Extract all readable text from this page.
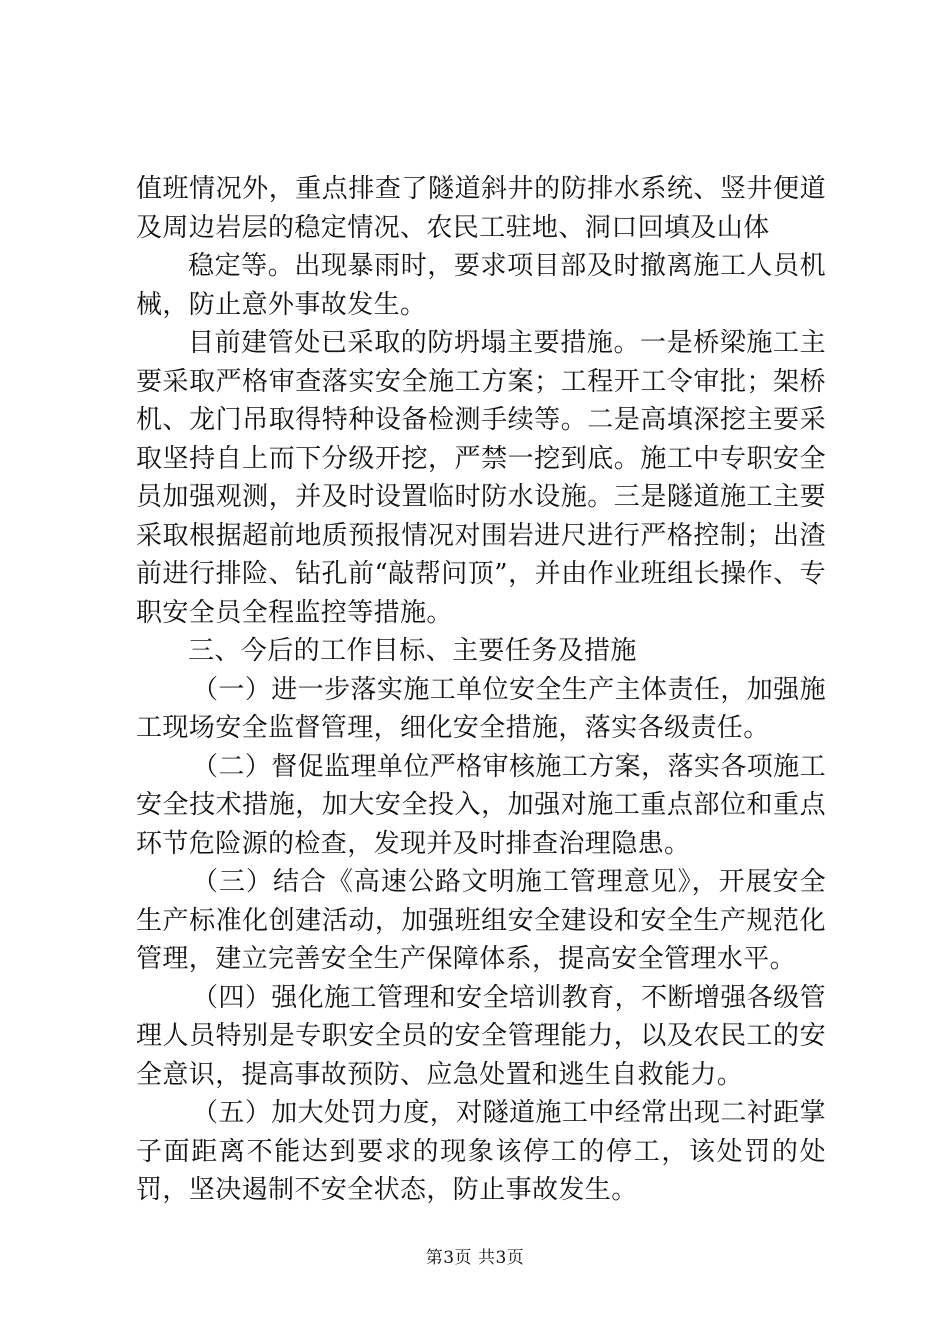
值班情况外，重点排查了隧道斜井的防排水系统、竖井便道及周边岩层的稳定情况、农民工驻地、洞口回填及山体

稳定等。出现暴雨时，要求项目部及时撤离施工人员机械，防止意外事故发生。

目前建管处已采取的防坍塌主要措施。一是桥梁施工主要采取严格审查落实安全施工方案；工程开工令审批；架桥机、龙门吊取得特种设备检测手续等。二是高填深挖主要采取坚持自上而下分级开挖，严禁一挖到底。施工中专职安全员加强观测，并及时设置临时防水设施。三是隧道施工主要采取根据超前地质预报情况对围岩进尺进行严格控制；出渣前进行排险、钻孔前“敲帮问顶”，并由作业班组长操作、专职安全员全程监控等措施。

三、今后的工作目标、主要任务及措施

（一）进一步落实施工单位安全生产主体责任，加强施工现场安全监督管理，细化安全措施，落实各级责任。

（二）督促监理单位严格审核施工方案，落实各项施工安全技术措施，加大安全投入，加强对施工重点部位和重点环节危险源的检查，发现并及时排查治理隐患。

（三）结合《高速公路文明施工管理意见》，开展安全生产标准化创建活动，加强班组安全建设和安全生产规范化管理，建立完善安全生产保障体系，提高安全管理水平。

（四）强化施工管理和安全培训教育，不断增强各级管理人员特别是专职安全员的安全管理能力，以及农民工的安全意识，提高事故预防、应急处置和逃生自救能力。

（五）加大处罚力度，对隧道施工中经常出现二衬距掌子面距离不能达到要求的现象该停工的停工，该处罚的处罚，坚决遏制不安全状态，防止事故发生。

第3页 共3页
